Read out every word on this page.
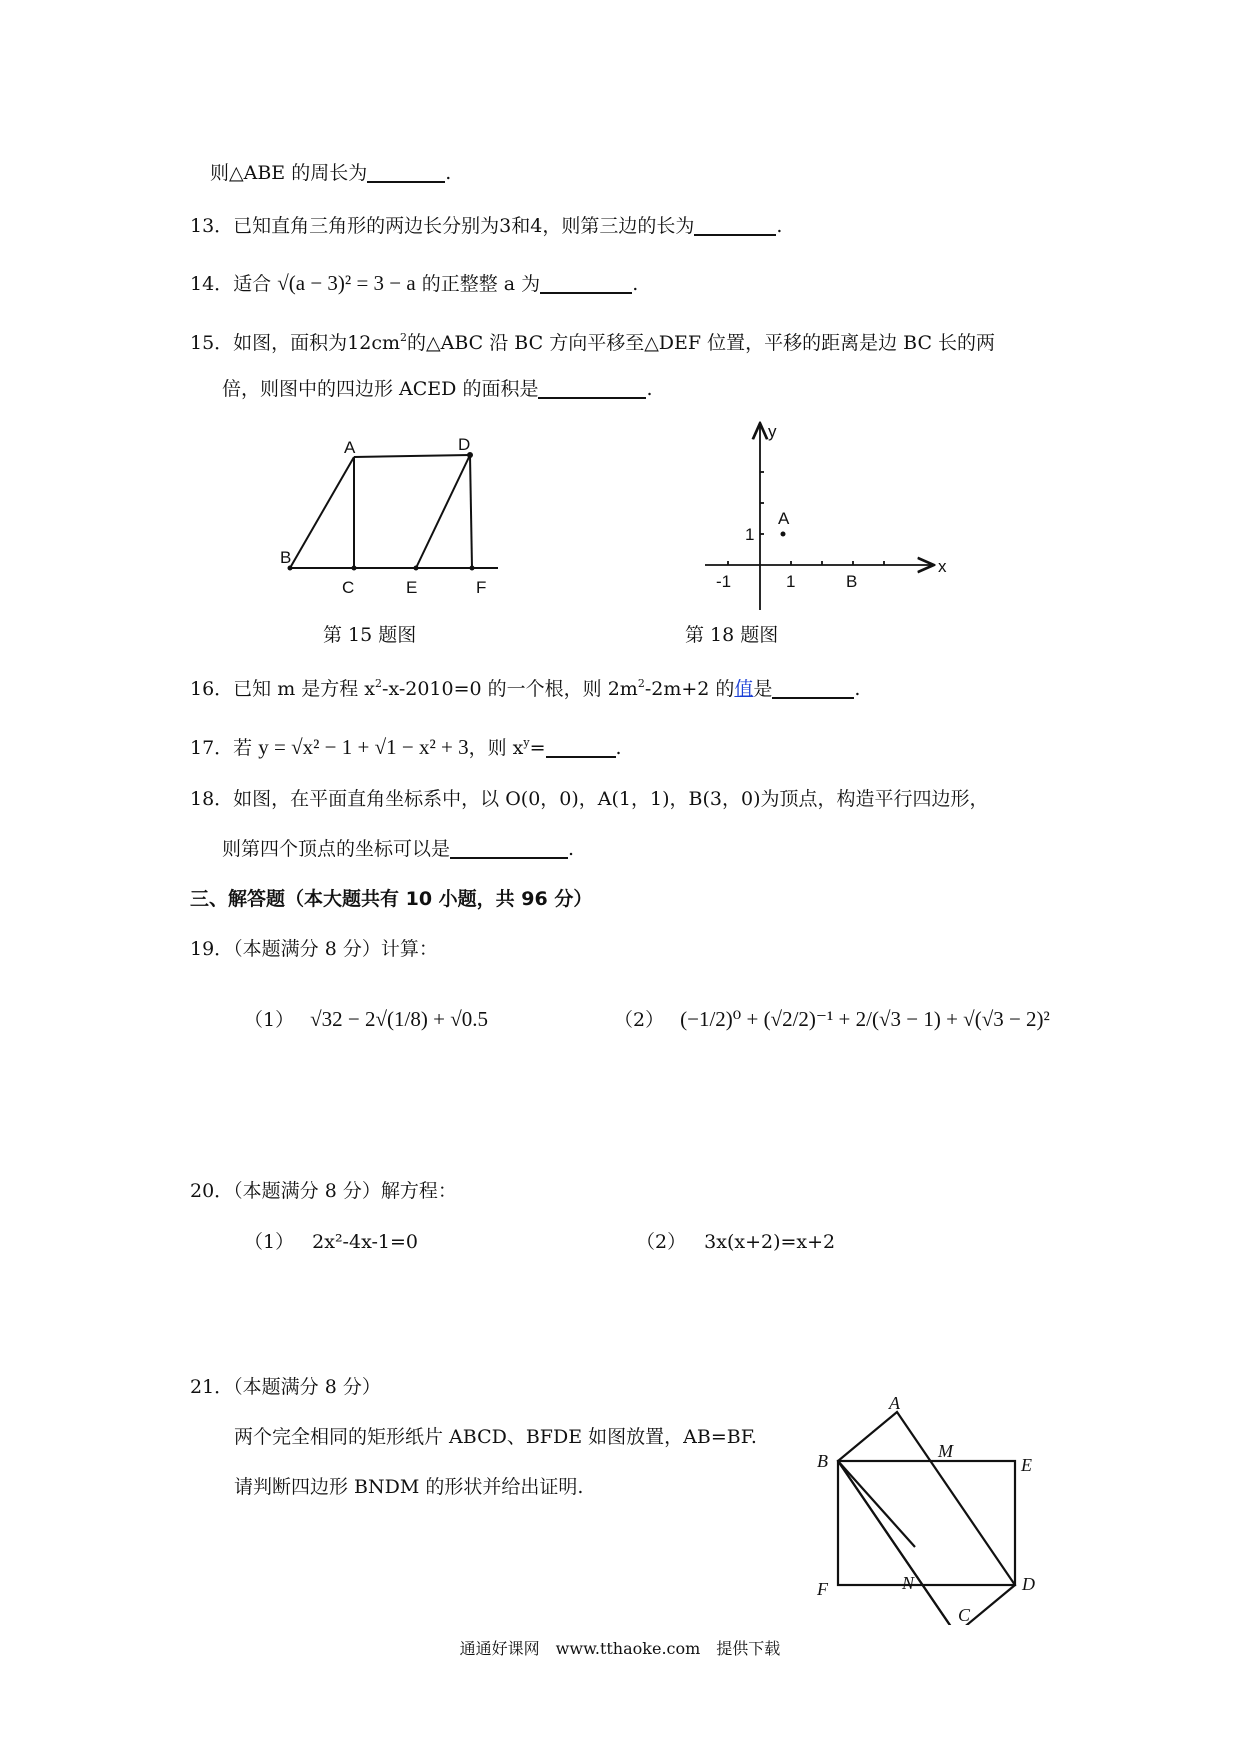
则△ABE 的周长为	.
13．已知直角三角形的两边长分别为3和4，则第三边的长为	.
14．适合 √(a − 3)² = 3 − a 的正整整 a 为	.
15．如图，面积为$12cm^2$的△ABC 沿 BC 方向平移至△DEF 位置，平移的距离是边 BC 长的两
倍，则图中的四边形 ACED 的面积是	.
A	D
B
C	E	F
第 15 题图
y
x
A
B
1
1
-1
第 18 题图
16．已知 m 是方程 $x^2-x-2010=0$ 的一个根，则 $2m^2-2m+2$ 的值是	.
17．若 y = √x² − 1 + √1 − x² + 3，则 $x^y=$	.
18．如图，在平面直角坐标系中，以 O(0，0)，A(1，1)，B(3，0)为顶点，构造平行四边形，
则第四个顶点的坐标可以是	.
三、解答题（本大题共有 10 小题，共 96 分）
19．（本题满分 8 分）计算：
（1） √32 − 2√(1/8) + √0.5	（2） (−1/2)⁰ + (√2/2)⁻¹ + 2/(√3 − 1) + √(√3 − 2)²
20．（本题满分 8 分）解方程：
（1） 2x²-4x-1=0	（2） 3x(x+2)=x+2
21．（本题满分 8 分）
两个完全相同的矩形纸片 ABCD、BFDE 如图放置，AB=BF.
请判断四边形 BNDM 的形状并给出证明.
A
B	M
E
F	N	D
C
通通好课网　www.tthaoke.com　提供下载
